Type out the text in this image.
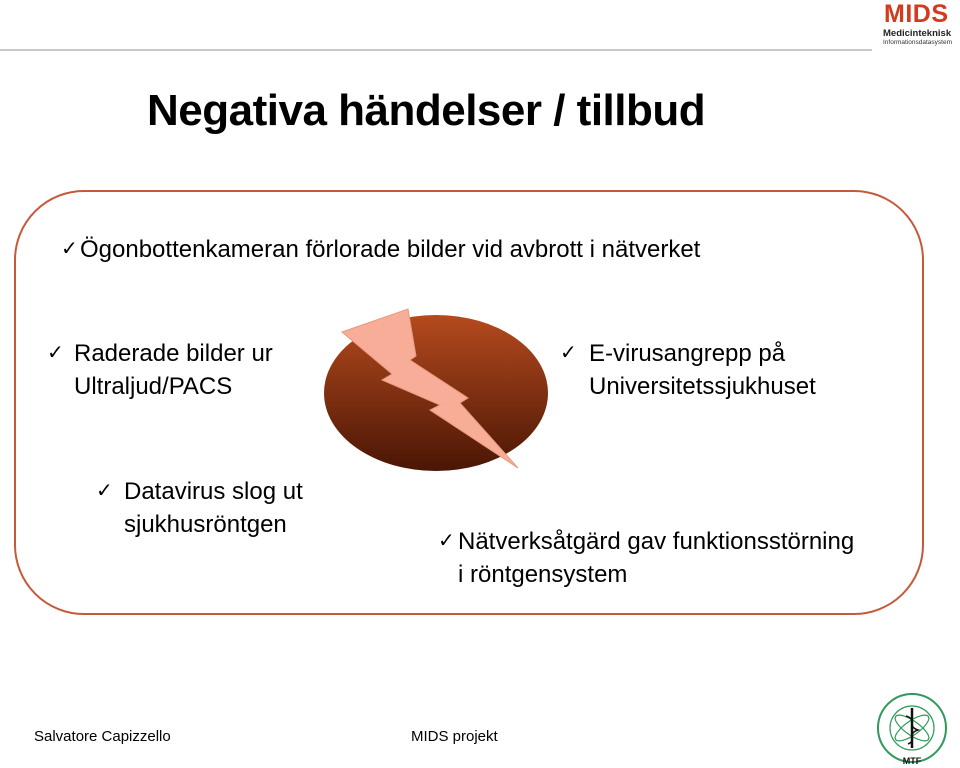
MIDS
Medicinteknisk
Informationsdatasystem
Negativa händelser / tillbud
✓ Ögonbottenkameran förlorade bilder vid avbrott i nätverket
✓ Raderade bilder ur
Ultraljud/PACS
✓ E-virusangrepp på
Universitetssjukhuset
✓ Datavirus slog ut
sjukhusröntgen
✓ Nätverksåtgärd gav funktionsstörning
i röntgensystem
Salvatore Capizzello	MIDS projekt
MTF
